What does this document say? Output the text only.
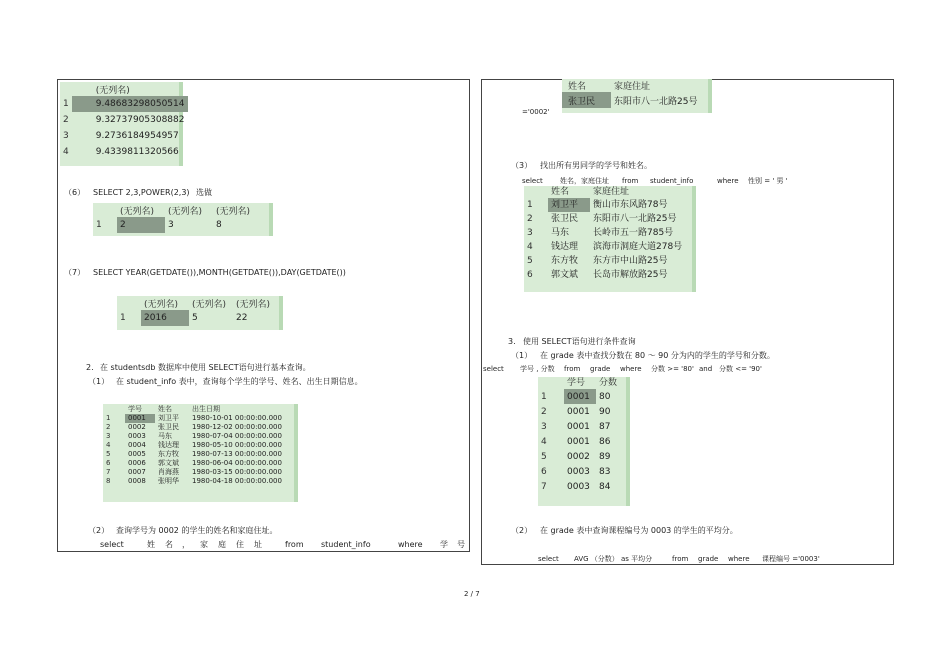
	(无列名)
1	9.48683298050514
2	9.32737905308882
3	9.2736184954957
4	9.4339811320566
（6） SELECT 2,3,POWER(2,3) 选做
	(无列名)	(无列名)	(无列名)
1	2	3	8
（7） SELECT YEAR(GETDATE()),MONTH(GETDATE()),DAY(GETDATE())
	(无列名)	(无列名)	(无列名)
1	2016	5	22
2. 在 studentsdb 数据库中使用 SELECT语句进行基本查询。
（1） 在 student_info 表中，查询每个学生的学号、姓名、出生日期信息。
	学号	姓名	出生日期
1	0001	刘卫平	1980-10-01 00:00:00.000
2	0002	张卫民	1980-12-02 00:00:00.000
3	0003	马东	1980-07-04 00:00:00.000
4	0004	钱达理	1980-05-10 00:00:00.000
5	0005	东方牧	1980-07-13 00:00:00.000
6	0006	郭文斌	1980-06-04 00:00:00.000
7	0007	肖海燕	1980-03-15 00:00:00.000
8	0008	张明华	1980-04-18 00:00:00.000
（2） 查询学号为 0002 的学生的姓名和家庭住址。
select	姓 名 ， 家 庭 住 址	from student_info	where 学 号
姓名	家庭住址
张卫民	东阳市八一北路25号
='0002'
（3） 找出所有男同学的学号和姓名。
select 姓名，家庭住址 from student_info	where 性别 = ' 男 '
	姓名	家庭住址
1	刘卫平	衡山市东风路78号
2	张卫民	东阳市八一北路25号
3	马东	长岭市五一路785号
4	钱达理	滨海市洞庭大道278号
5	东方牧	东方市中山路25号
6	郭文斌	长岛市解放路25号
3. 使用 SELECT语句进行条件查询
（1） 在 grade 表中查找分数在 80 ～ 90 分为内的学生的学号和分数。
select 学号 , 分数 from grade where 分数 >= '80' and 分数 <= '90'
	学号	分数
1	0001	80
2	0001	90
3	0001	87
4	0001	86
5	0002	89
6	0003	83
7	0003	84
（2） 在 grade 表中查询课程编号为 0003 的学生的平均分。
select AVG （分数） as 平均分	from grade where 课程编号 ='0003'
2 / 7
